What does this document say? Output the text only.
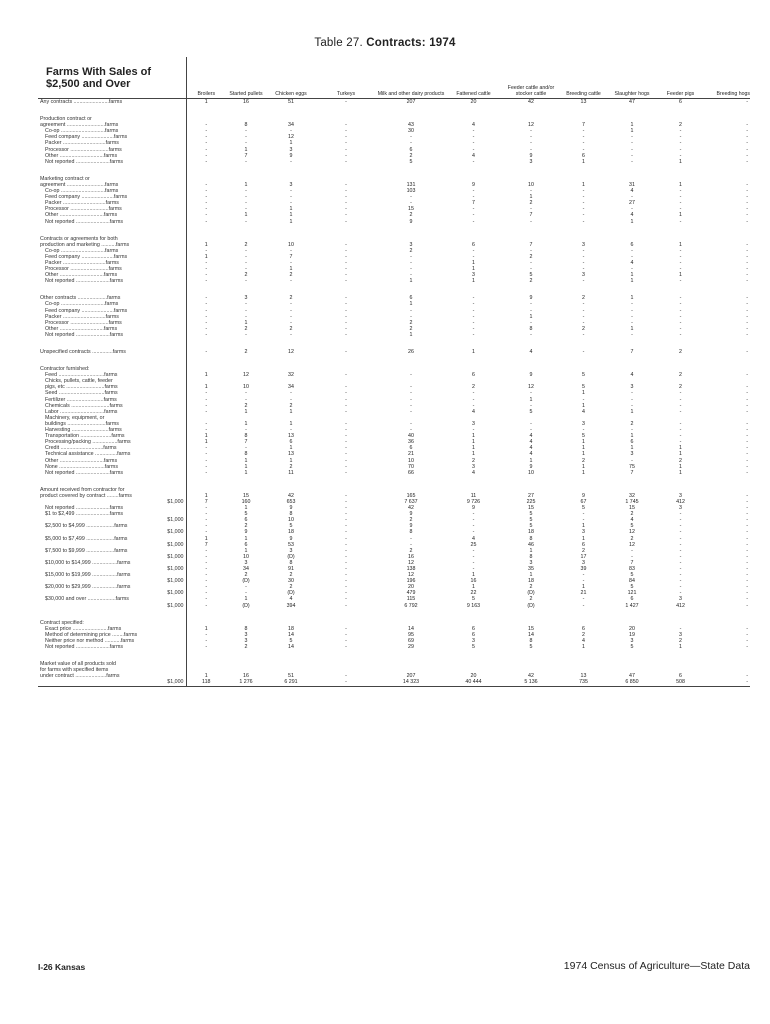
Table 27. Contracts: 1974
	Broilers	Started pullets	Chicken eggs	Turkeys	Milk and other dairy products	Fattened cattle	Feeder cattle and/or stocker cattle	Breeding cattle	Slaughter hogs	Feeder pigs	Breeding hogs
Any contracts ........................farms	1	16	51	-	207	20	42	13	47	6	-

Production contract or											
agreement ..........................farms	-	8	34	-	43	4	12	7	1	2	-
Co-op ..............................farms	-	-	-	-	30	-	-	-	1	-	-
Feed company ......................farms	-	-	12	-	-	-	-	-	-	-	-
Packer .............................farms	-	-	1	-	-	-	-	-	-	-	-
Processor ..........................farms	-	1	3	-	6	-	-	-	-	-	-
Other ..............................farms	-	7	9	-	2	4	9	6	-	-	-
Not reported .......................farms	-	-	-	-	5	-	3	1	-	1	-

Marketing contract or											
agreement ..........................farms	-	1	3	-	131	9	10	1	31	1	-
Co-op ..............................farms	-	-	-	-	103	-	-	-	4	-	-
Feed company ......................farms	-	-	-	-	-	-	1	-	-	-	-
Packer .............................farms	-	-	-	-	-	7	2	-	27	-	-
Processor ..........................farms	-	-	1	-	15	-	-	-	-	-	-
Other ..............................farms	-	1	1	-	2	-	7	-	4	1	-
Not reported .......................farms	-	-	1	-	9	-	-	-	1	-	-

Contracts or agreements for both											
production and marketing ..........farms	1	2	10	-	3	6	7	3	6	1	-
Co-op ..............................farms	-	-	-	-	2	-	-	-	-	-	-
Feed company ......................farms	1	-	7	-	-	-	2	-	-	-	-
Packer .............................farms	-	-	-	-	-	1	-	-	4	-	-
Processor ..........................farms	-	-	1	-	-	1	-	-	-	-	-
Other ..............................farms	-	2	2	-	-	3	5	3	1	1	-
Not reported .......................farms	-	-	-	-	1	1	2	-	1	-	-

Other contracts ....................farms	-	3	2	-	6	-	9	2	1	-	-
Co-op ..............................farms	-	-	-	-	1	-	-	-	-	-	-
Feed company ......................farms	-	-	-	-	-	-	-	-	-	-	-
Packer .............................farms	-	-	-	-	-	-	1	-	-	-	-
Processor ..........................farms	-	1	-	-	2	-	-	-	-	-	-
Other ..............................farms	-	2	2	-	2	-	8	2	1	-	-
Not reported .......................farms	-	-	-	-	1	-	-	-	-	-	-

Unspecified contracts ..............farms	-	2	12	-	26	1	4	-	7	2	-

Contractor furnished:											
Feed ...............................farms	1	12	32	-	-	6	9	5	4	2	-
Chicks, pullets, cattle, feeder											
pigs, etc ..........................farms	1	10	34	-	-	2	12	5	3	2	-
Seed ...............................farms	-	-	-	-	-	-	-	1	-	-	-
Fertilizer .........................farms	-	-	-	-	-	-	1	-	-	-	-
Chemicals ..........................farms	-	2	2	-	-	-	-	1	-	-	-
Labor ..............................farms	-	1	1	-	-	4	5	4	1	-	-
Machinery, equipment, or											
buildings ..........................farms	-	1	1	-	-	3	-	3	2	-	-
Harvesting .........................farms	-	-	-	-	-	-	-	-	-	-	-
Transportation .....................farms	1	8	13	-	40	1	4	5	1	-	-
Processing/packing .................farms	1	7	6	-	36	1	4	1	6	-	-
Credit .............................farms	-	-	1	-	6	1	4	1	1	1	-
Technical assistance ...............farms	-	8	13	-	21	1	4	1	3	1	-
Other ..............................farms	-	1	1	-	10	2	1	2	-	2	-
None ...............................farms	-	1	2	-	70	3	9	1	75	1	-
Not reported .......................farms	-	1	11	-	66	4	10	1	7	1	-

Amount received from contractor for											
product covered by contract ........farms	1	15	42	-	165	11	27	9	32	3	-
$1,000	7	160	653	-	7 637	9 726	225	67	1 745	412	-
Not reported .......................farms	-	1	9	-	42	9	15	5	15	3	-
$1 to $2,499 .......................farms	-	5	8	-	9	-	5	-	2	-	-
$1,000	-	6	10	-	2	-	5	-	4	-	-
$2,500 to $4,999 ...................farms	-	2	5	-	9	-	5	1	5	-	-
$1,000	-	9	18	-	8	-	18	3	12	-	-
$5,000 to $7,499 ...................farms	1	1	9	-	-	4	8	1	2	-	-
$1,000	7	6	53	-	-	25	46	6	12	-	-
$7,500 to $9,999 ...................farms	-	1	3	-	2	-	1	2	-	-	-
$1,000	-	10	(D)	-	16	-	8	17	-	-	-
$10,000 to $14,999 .................farms	-	3	8	-	12	-	3	3	7	-	-
$1,000	-	34	91	-	138	-	35	39	83	-	-
$15,000 to $19,999 .................farms	-	2	2	-	12	1	1	-	5	-	-
$1,000	-	(D)	30	-	196	16	18	-	84	-	-
$20,000 to $29,999 .................farms	-	-	2	-	20	1	2	1	5	-	-
$1,000	-	-	(D)	-	479	22	(D)	21	121	-	-
$30,000 and over ...................farms	-	1	4	-	115	5	2	-	6	3	-
$1,000	-	(D)	394	-	6 792	9 163	(D)	-	1 427	412	-

Contract specified:											
Exact price ........................farms	1	8	18	-	14	6	15	6	20	-	-
Method of determining price ........farms	-	3	14	-	95	6	14	2	19	3	-
Neither price nor method ...........farms	-	3	5	-	69	3	8	4	3	2	-
Not reported .......................farms	-	2	14	-	29	5	5	1	5	1	-

Market value of all products sold											
for farms with specified items											
under contract .....................farms	1	16	51	-	207	20	42	13	47	6	-
$1,000	118	1 276	6 291	-	14 323	40 444	5 136	735	6 850	508	-
Farms With Sales of
$2,500 and Over
I-26 Kansas	1974 Census of Agriculture—State Data
